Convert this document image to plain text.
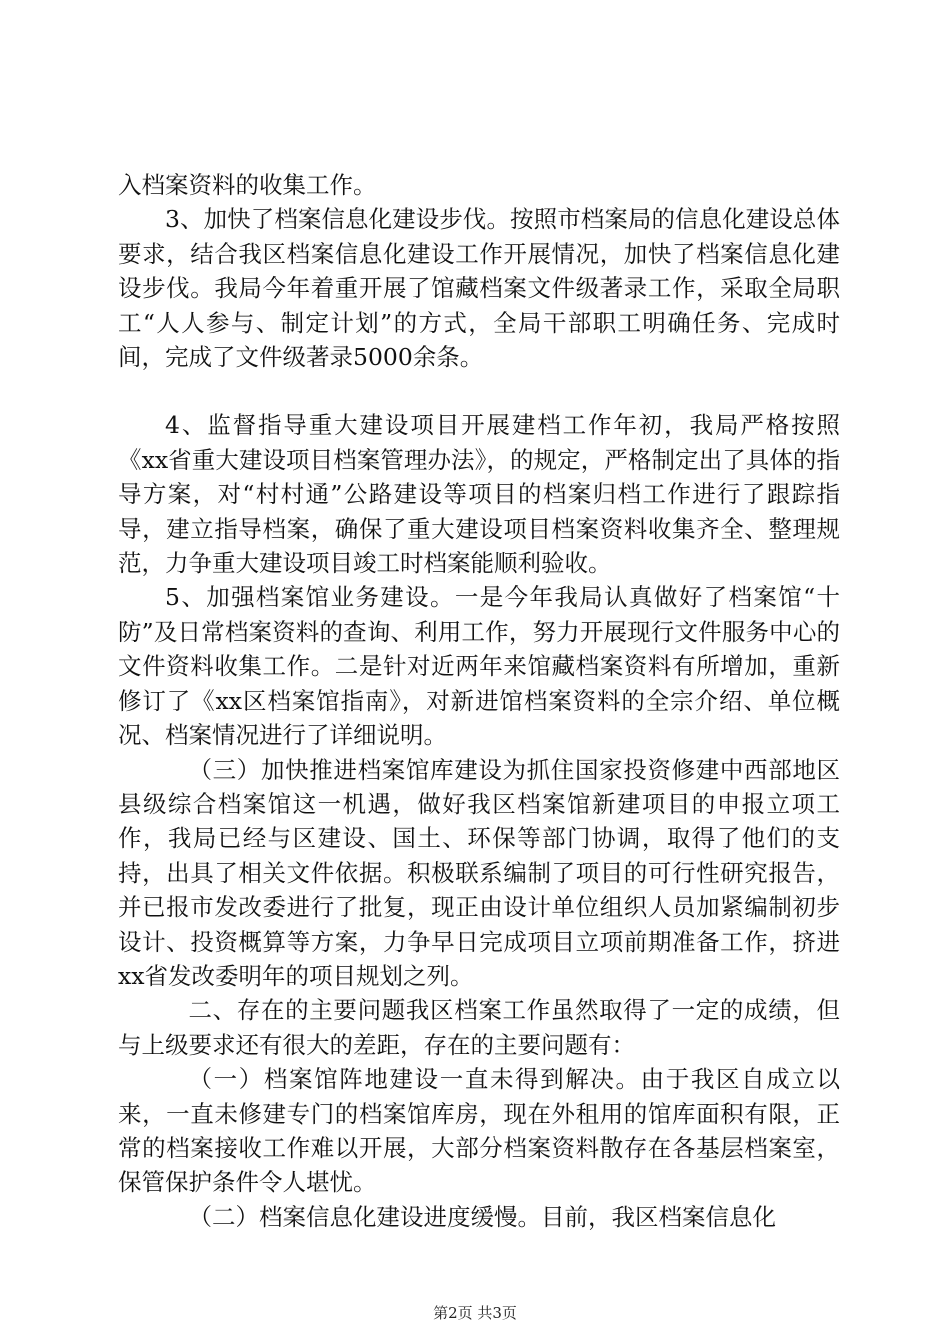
入档案资料的收集工作。

3、加快了档案信息化建设步伐。按照市档案局的信息化建设总体要求，结合我区档案信息化建设工作开展情况，加快了档案信息化建设步伐。我局今年着重开展了馆藏档案文件级著录工作，采取全局职工“人人参与、制定计划”的方式，全局干部职工明确任务、完成时间，完成了文件级著录5000余条。

4、监督指导重大建设项目开展建档工作年初，我局严格按照《xx省重大建设项目档案管理办法》，的规定，严格制定出了具体的指导方案，对“村村通”公路建设等项目的档案归档工作进行了跟踪指导，建立指导档案，确保了重大建设项目档案资料收集齐全、整理规范，力争重大建设项目竣工时档案能顺利验收。

5、加强档案馆业务建设。一是今年我局认真做好了档案馆“十防”及日常档案资料的查询、利用工作，努力开展现行文件服务中心的文件资料收集工作。二是针对近两年来馆藏档案资料有所增加，重新修订了《xx区档案馆指南》，对新进馆档案资料的全宗介绍、单位概况、档案情况进行了详细说明。

（三）加快推进档案馆库建设为抓住国家投资修建中西部地区县级综合档案馆这一机遇，做好我区档案馆新建项目的申报立项工作，我局已经与区建设、国土、环保等部门协调，取得了他们的支持，出具了相关文件依据。积极联系编制了项目的可行性研究报告，并已报市发改委进行了批复，现正由设计单位组织人员加紧编制初步设计、投资概算等方案，力争早日完成项目立项前期准备工作，挤进xx省发改委明年的项目规划之列。

二、存在的主要问题我区档案工作虽然取得了一定的成绩，但与上级要求还有很大的差距，存在的主要问题有：

（一）档案馆阵地建设一直未得到解决。由于我区自成立以来，一直未修建专门的档案馆库房，现在外租用的馆库面积有限，正常的档案接收工作难以开展，大部分档案资料散存在各基层档案室，保管保护条件令人堪忧。

（二）档案信息化建设进度缓慢。目前，我区档案信息化

第2页 共3页
